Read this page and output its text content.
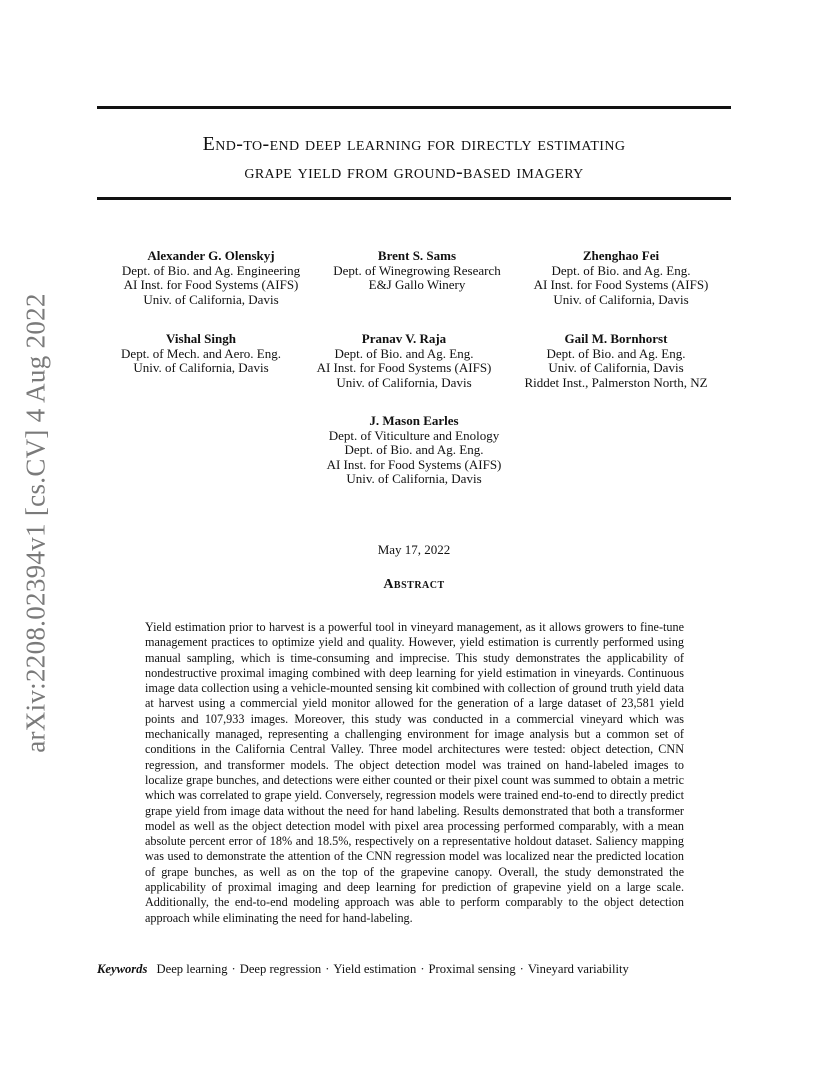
End-to-end deep learning for directly estimating
grape yield from ground-based imagery
arXiv:2208.02394v1 [cs.CV] 4 Aug 2022
Alexander G. Olenskyj
Dept. of Bio. and Ag. Engineering
AI Inst. for Food Systems (AIFS)
Univ. of California, Davis
Brent S. Sams
Dept. of Winegrowing Research
E&J Gallo Winery
Zhenghao Fei
Dept. of Bio. and Ag. Eng.
AI Inst. for Food Systems (AIFS)
Univ. of California, Davis
Vishal Singh
Dept. of Mech. and Aero. Eng.
Univ. of California, Davis
Pranav V. Raja
Dept. of Bio. and Ag. Eng.
AI Inst. for Food Systems (AIFS)
Univ. of California, Davis
Gail M. Bornhorst
Dept. of Bio. and Ag. Eng.
Univ. of California, Davis
Riddet Inst., Palmerston North, NZ
J. Mason Earles
Dept. of Viticulture and Enology
Dept. of Bio. and Ag. Eng.
AI Inst. for Food Systems (AIFS)
Univ. of California, Davis
May 17, 2022
Abstract

Yield estimation prior to harvest is a powerful tool in vineyard management, as it allows growers to fine-tune management practices to optimize yield and quality. However, yield estimation is currently performed using manual sampling, which is time-consuming and imprecise. This study demonstrates the applicability of nondestructive proximal imaging combined with deep learning for yield estimation in vineyards. Continuous image data collection using a vehicle-mounted sensing kit combined with collection of ground truth yield data at harvest using a commercial yield monitor allowed for the generation of a large dataset of 23,581 yield points and 107,933 images. Moreover, this study was conducted in a commercial vineyard which was mechanically managed, representing a challenging environment for image analysis but a common set of conditions in the California Central Valley. Three model architectures were tested: object detection, CNN regression, and transformer models. The object detection model was trained on hand-labeled images to localize grape bunches, and detections were either counted or their pixel count was summed to obtain a metric which was correlated to grape yield. Conversely, regression models were trained end-to-end to directly predict grape yield from image data without the need for hand labeling. Results demonstrated that both a transformer model as well as the object detection model with pixel area processing performed comparably, with a mean absolute percent error of 18% and 18.5%, respectively on a representative holdout dataset. Saliency mapping was used to demonstrate the attention of the CNN regression model was localized near the predicted location of grape bunches, as well as on the top of the grapevine canopy. Overall, the study demonstrated the applicability of proximal imaging and deep learning for prediction of grapevine yield on a large scale. Additionally, the end-to-end modeling approach was able to perform comparably to the object detection approach while eliminating the need for hand-labeling.

Keywords Deep learning · Deep regression · Yield estimation · Proximal sensing · Vineyard variability
